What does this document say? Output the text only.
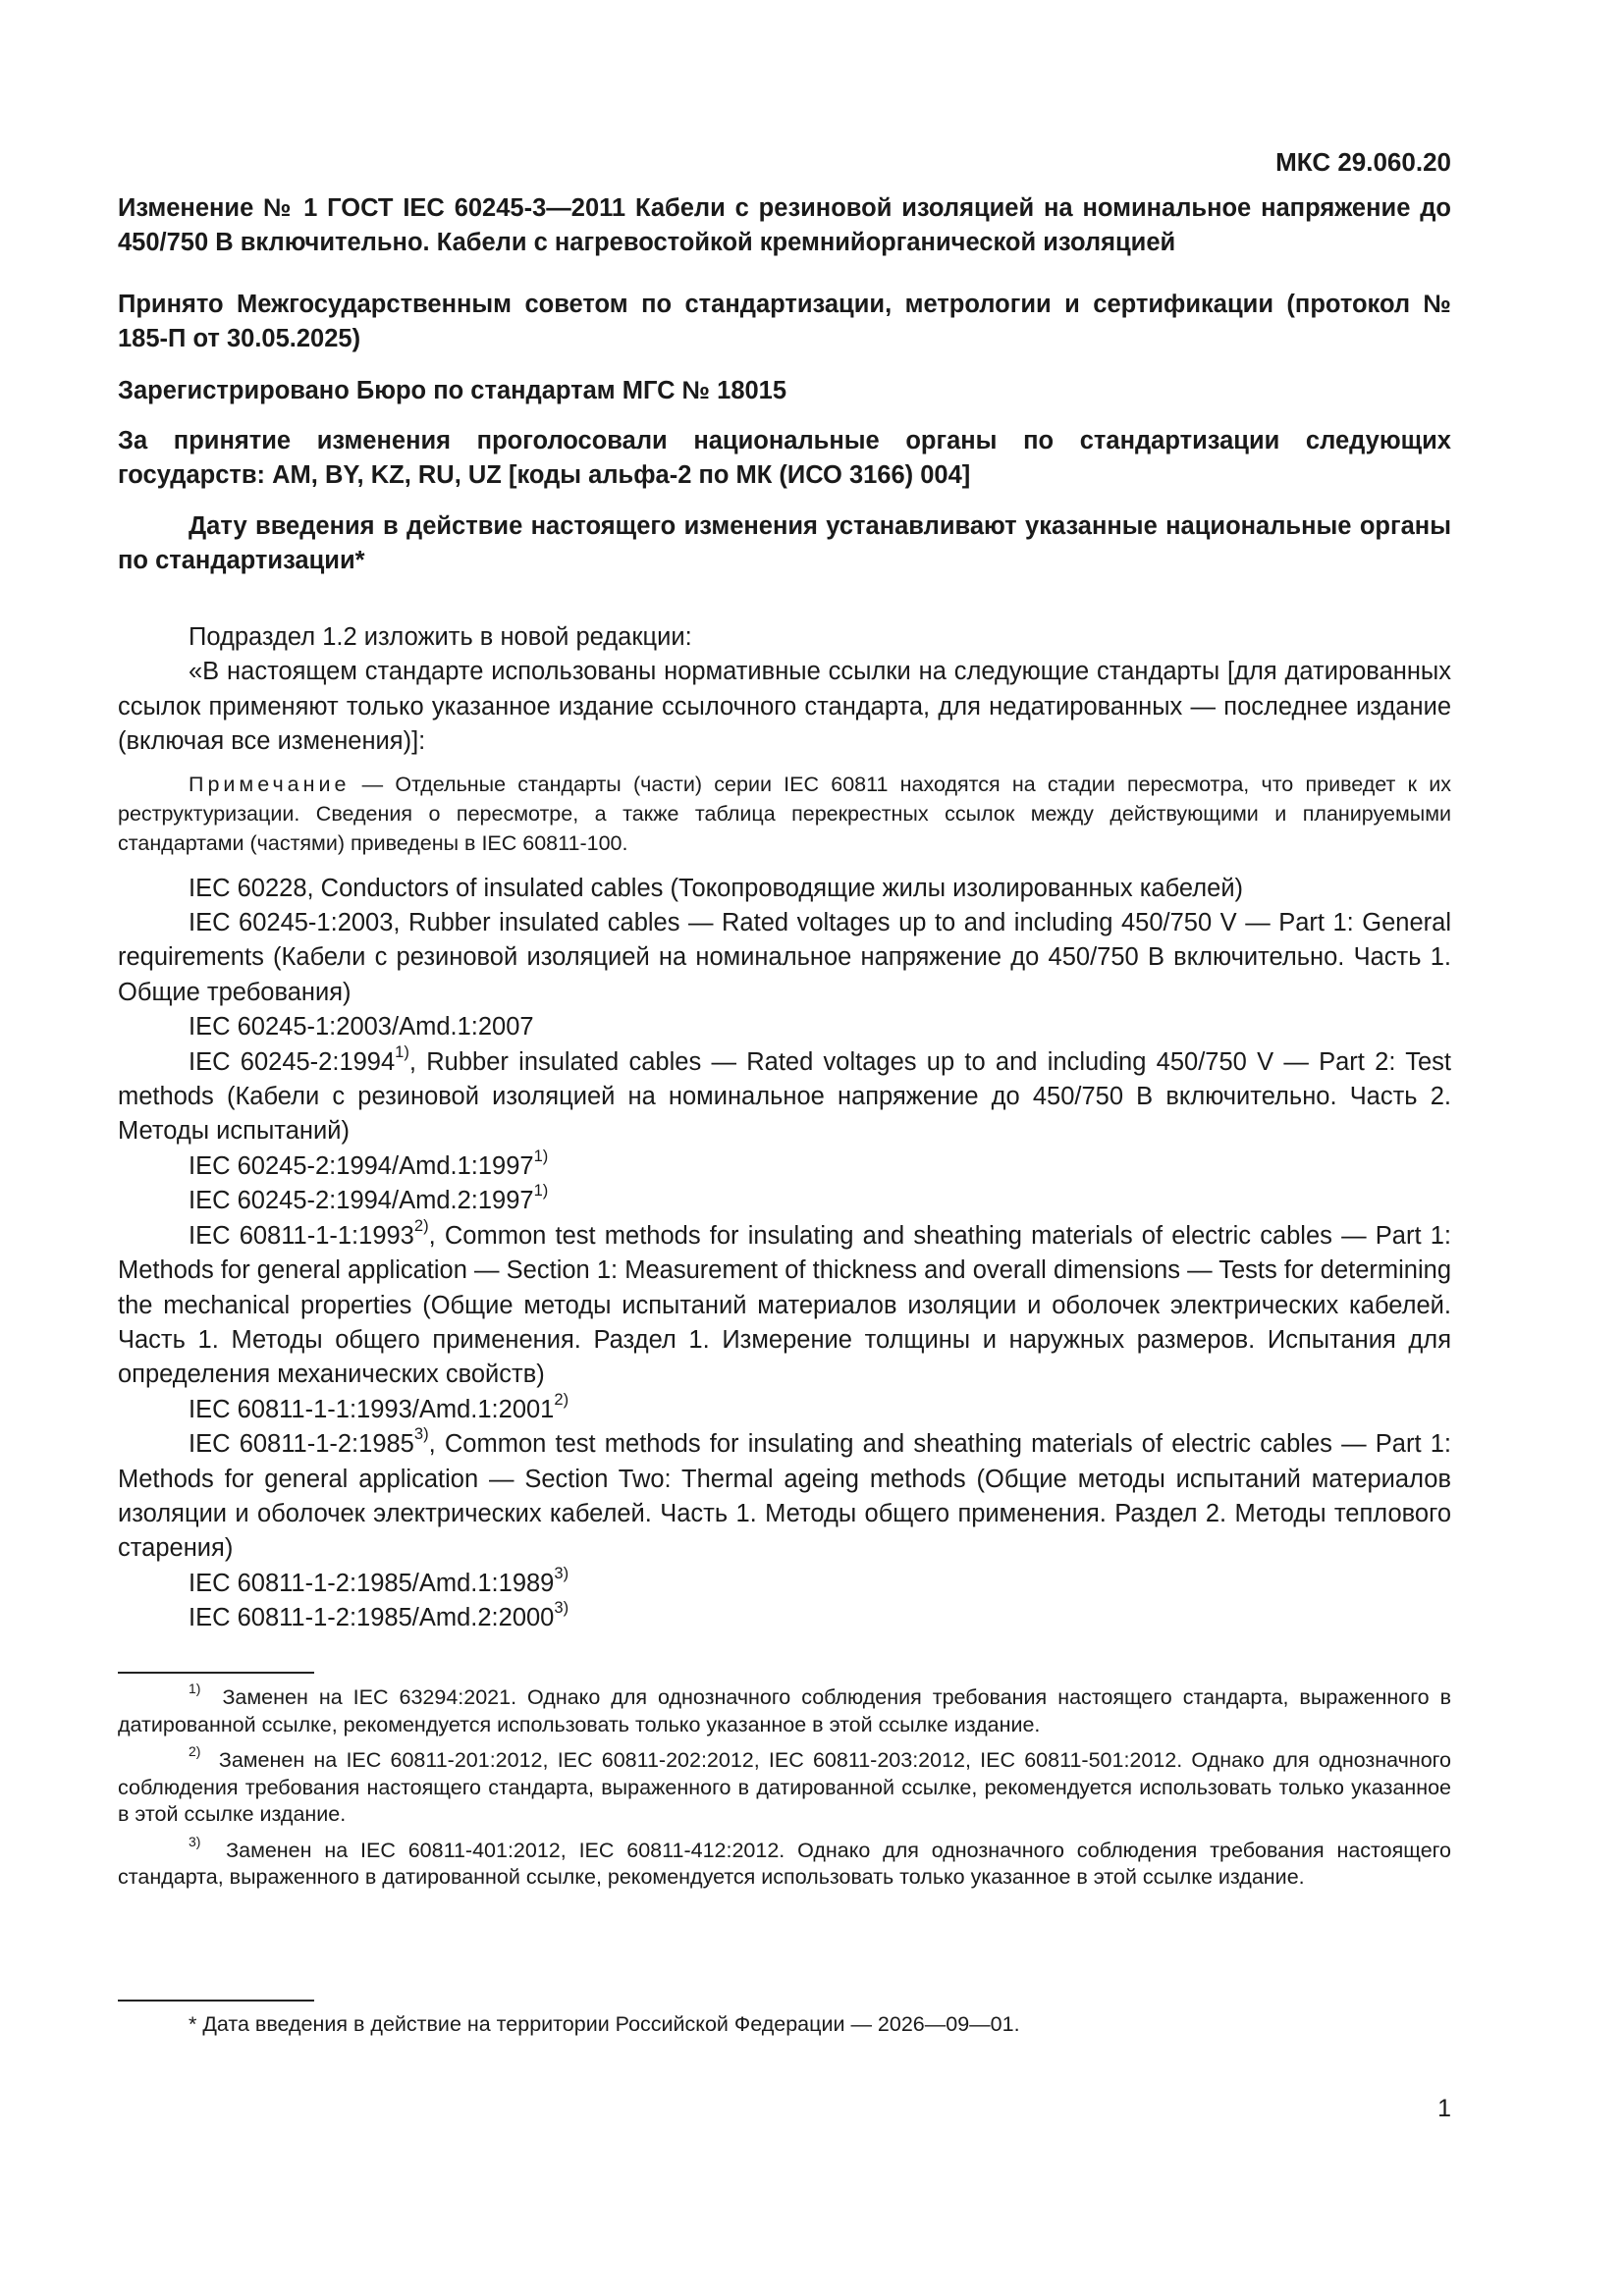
МКС 29.060.20
Изменение № 1 ГОСТ IEC 60245-3—2011 Кабели с резиновой изоляцией на номинальное напряжение до 450/750 В включительно. Кабели с нагревостойкой кремнийорганической изоляцией
Принято Межгосударственным советом по стандартизации, метрологии и сертификации (протокол № 185-П от 30.05.2025)
Зарегистрировано Бюро по стандартам МГС № 18015
За принятие изменения проголосовали национальные органы по стандартизации следующих государств: AM, BY, KZ, RU, UZ [коды альфа-2 по МК (ИСО 3166) 004]
Дату введения в действие настоящего изменения устанавливают указанные национальные органы по стандартизации*

Подраздел 1.2 изложить в новой редакции:

«В настоящем стандарте использованы нормативные ссылки на следующие стандарты [для датированных ссылок применяют только указанное издание ссылочного стандарта, для недатированных — последнее издание (включая все изменения)]:

Примечание — Отдельные стандарты (части) серии IEC 60811 находятся на стадии пересмотра, что приведет к их реструктуризации. Сведения о пересмотре, а также таблица перекрестных ссылок между действующими и планируемыми стандартами (частями) приведены в IEC 60811-100.

IEC 60228, Conductors of insulated cables (Токопроводящие жилы изолированных кабелей)

IEC 60245-1:2003, Rubber insulated cables — Rated voltages up to and including 450/750 V — Part 1: General requirements (Кабели с резиновой изоляцией на номинальное напряжение до 450/750 В включительно. Часть 1. Общие требования)

IEC 60245-1:2003/Amd.1:2007

IEC 60245-2:1994$^{1)}$, Rubber insulated cables — Rated voltages up to and including 450/750 V — Part 2: Test methods (Кабели с резиновой изоляцией на номинальное напряжение до 450/750 В включительно. Часть 2. Методы испытаний)

IEC 60245-2:1994/Amd.1:1997$^{1)}$

IEC 60245-2:1994/Amd.2:1997$^{1)}$

IEC 60811-1-1:1993$^{2)}$, Common test methods for insulating and sheathing materials of electric cables — Part 1: Methods for general application — Section 1: Measurement of thickness and overall dimensions — Tests for determining the mechanical properties (Общие методы испытаний материалов изоляции и оболочек электрических кабелей. Часть 1. Методы общего применения. Раздел 1. Измерение толщины и наружных размеров. Испытания для определения механических свойств)

IEC 60811-1-1:1993/Amd.1:2001$^{2)}$

IEC 60811-1-2:1985$^{3)}$, Common test methods for insulating and sheathing materials of electric cables — Part 1: Methods for general application — Section Two: Thermal ageing methods (Общие методы испытаний материалов изоляции и оболочек электрических кабелей. Часть 1. Методы общего применения. Раздел 2. Методы теплового старения)

IEC 60811-1-2:1985/Amd.1:1989$^{3)}$

IEC 60811-1-2:1985/Amd.2:2000$^{3)}$

$^{1)}$ Заменен на IEC 63294:2021. Однако для однозначного соблюдения требования настоящего стандарта, выраженного в датированной ссылке, рекомендуется использовать только указанное в этой ссылке издание.

$^{2)}$ Заменен на IEC 60811-201:2012, IEC 60811-202:2012, IEC 60811-203:2012, IEC 60811-501:2012. Однако для однозначного соблюдения требования настоящего стандарта, выраженного в датированной ссылке, рекомендуется использовать только указанное в этой ссылке издание.

$^{3)}$ Заменен на IEC 60811-401:2012, IEC 60811-412:2012. Однако для однозначного соблюдения требования настоящего стандарта, выраженного в датированной ссылке, рекомендуется использовать только указанное в этой ссылке издание.

* Дата введения в действие на территории Российской Федерации — 2026—09—01.
1
